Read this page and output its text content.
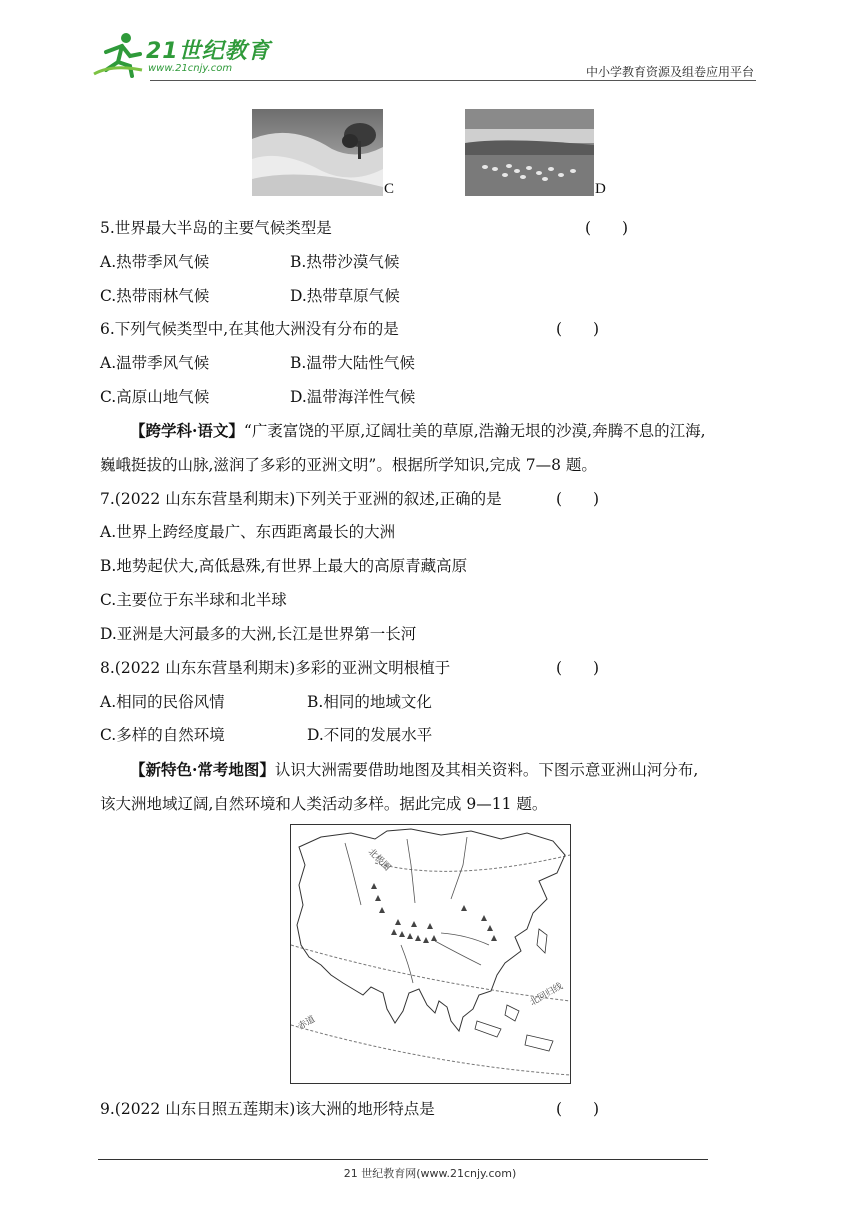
21世纪教育
www.21cnjy.com	中小学教育资源及组卷应用平台
C	D
5.世界最大半岛的主要气候类型是	(　　)
A.热带季风气候	B.热带沙漠气候
C.热带雨林气候	D.热带草原气候
6.下列气候类型中,在其他大洲没有分布的是	(　　)
A.温带季风气候	B.温带大陆性气候
C.高原山地气候	D.温带海洋性气候
【跨学科·语文】“广袤富饶的平原,辽阔壮美的草原,浩瀚无垠的沙漠,奔腾不息的江海,
巍峨挺拔的山脉,滋润了多彩的亚洲文明”。根据所学知识,完成 7—8 题。
7.(2022 山东东营垦利期末)下列关于亚洲的叙述,正确的是	(　　)
A.世界上跨经度最广、东西距离最长的大洲
B.地势起伏大,高低悬殊,有世界上最大的高原青藏高原
C.主要位于东半球和北半球
D.亚洲是大河最多的大洲,长江是世界第一长河
8.(2022 山东东营垦利期末)多彩的亚洲文明根植于	(　　)
A.相同的民俗风情	B.相同的地域文化
C.多样的自然环境	D.不同的发展水平
【新特色·常考地图】认识大洲需要借助地图及其相关资料。下图示意亚洲山河分布,
该大洲地域辽阔,自然环境和人类活动多样。据此完成 9—11 题。
北极圈
北回归线
赤道
9.(2022 山东日照五莲期末)该大洲的地形特点是	(　　)
21 世纪教育网(www.21cnjy.com)
